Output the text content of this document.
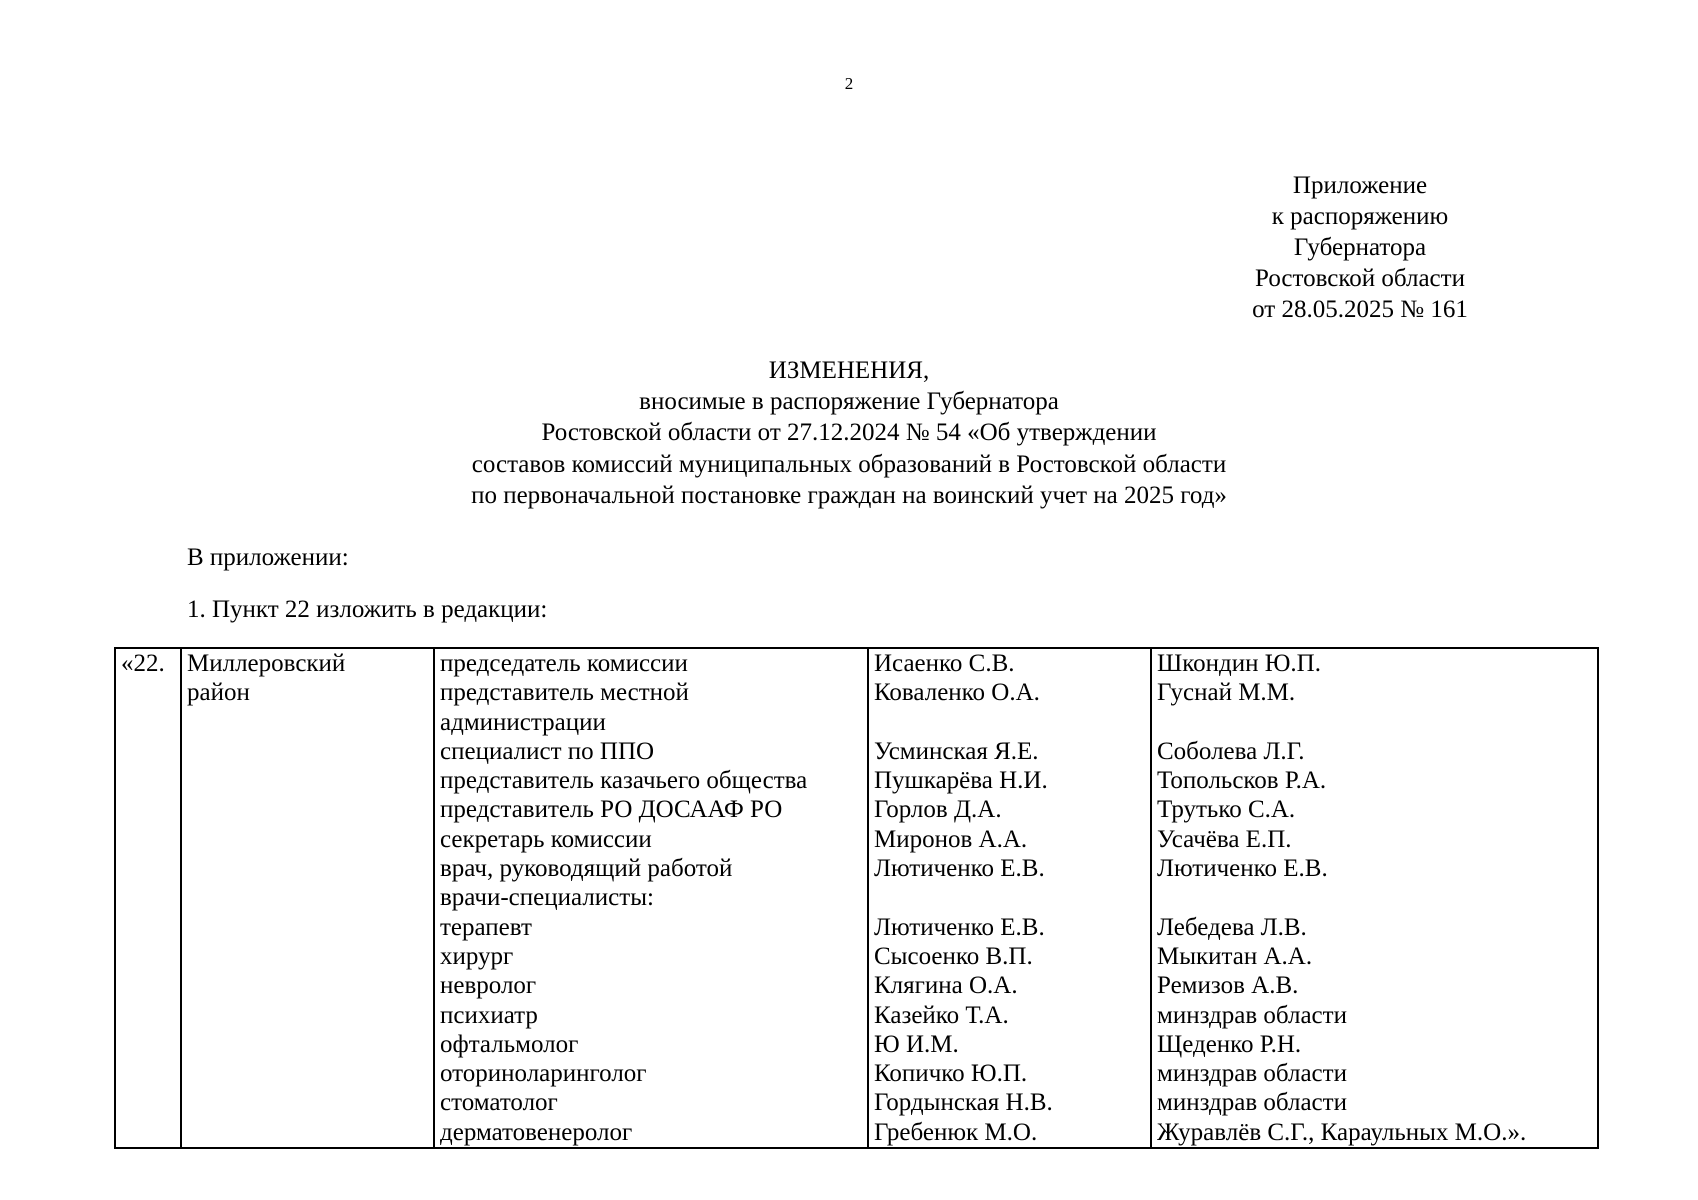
2
Приложение
к распоряжению
Губернатора
Ростовской области
от 28.05.2025 № 161
ИЗМЕНЕНИЯ,
вносимые в распоряжение Губернатора
Ростовской области от 27.12.2024 № 54 «Об утверждении
составов комиссий муниципальных образований в Ростовской области
по первоначальной постановке граждан на воинский учет на 2025 год»
В приложении:
1. Пункт 22 изложить в редакции:
«22.	Миллеровский	председатель комиссии	Исаенко С.В.	Шкондин Ю.П.
	район	представитель местной	Коваленко О.А.	Гуснай М.М.
		администрации		
		специалист по ППО	Усминская Я.Е.	Соболева Л.Г.
		представитель казачьего общества	Пушкарёва Н.И.	Топольсков Р.А.
		представитель РО ДОСААФ РО	Горлов Д.А.	Трутько С.А.
		секретарь комиссии	Миронов А.А.	Усачёва Е.П.
		врач, руководящий работой	Лютиченко Е.В.	Лютиченко Е.В.
		врачи-специалисты:		
		терапевт	Лютиченко Е.В.	Лебедева Л.В.
		хирург	Сысоенко В.П.	Мыкитан А.А.
		невролог	Клягина О.А.	Ремизов А.В.
		психиатр	Казейко Т.А.	минздрав области
		офтальмолог	Ю И.М.	Щеденко Р.Н.
		оториноларинголог	Копичко Ю.П.	минздрав области
		стоматолог	Гордынская Н.В.	минздрав области
		дерматовенеролог	Гребенюк М.О.	Журавлёв С.Г., Караульных М.О.».
